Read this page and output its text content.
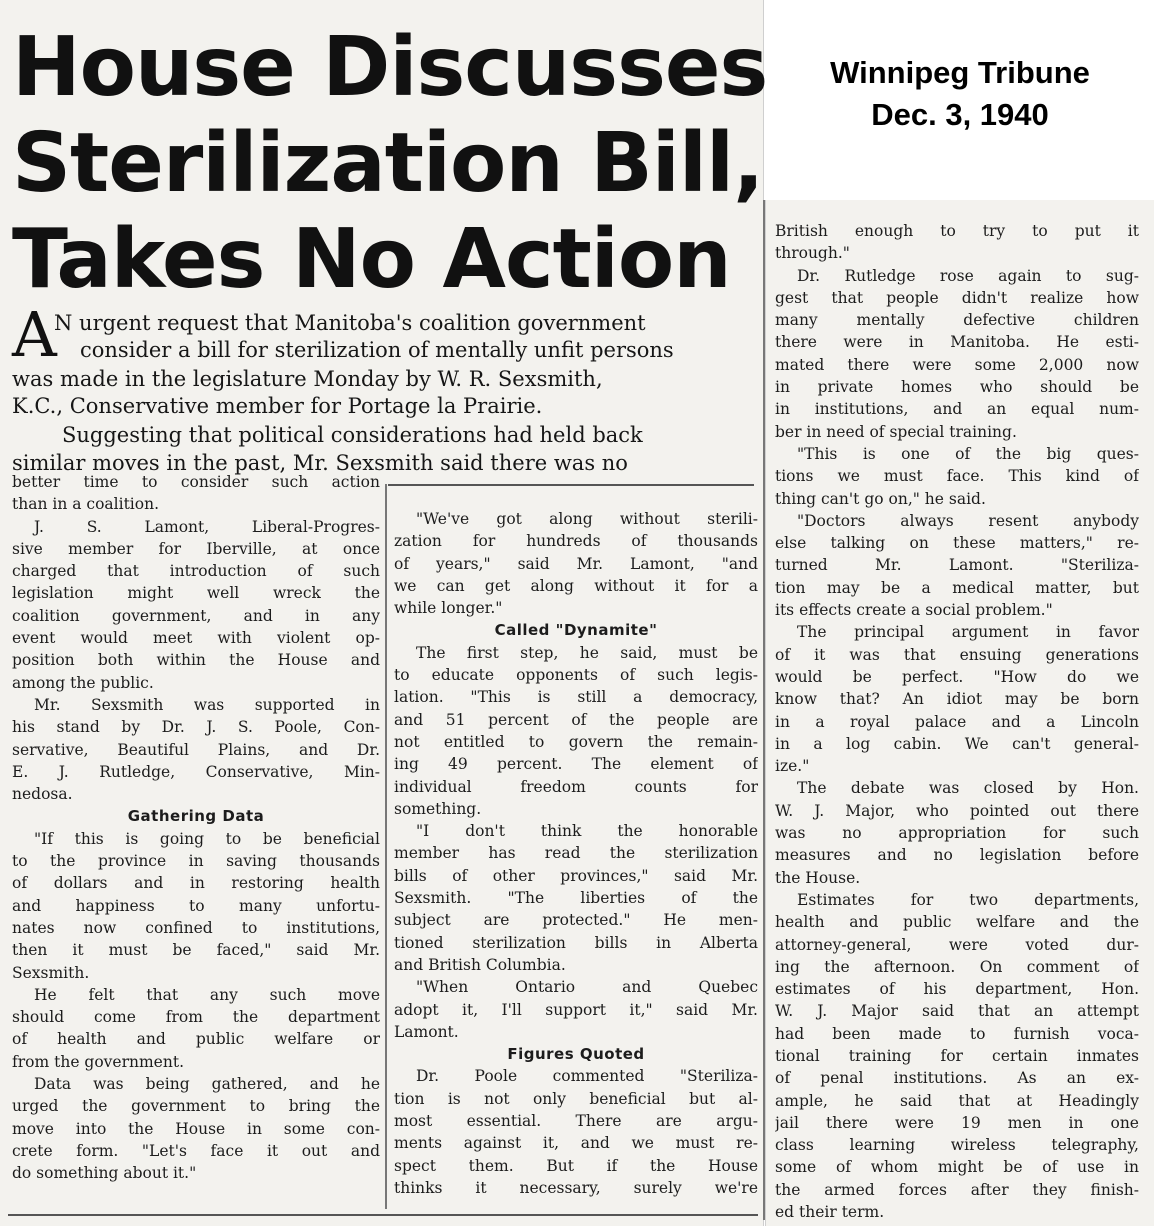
Winnipeg Tribune
Dec. 3, 1940
House Discusses
Sterilization Bill,
Takes No Action
A
N urgent request that Manitoba's coalition government
consider a bill for sterilization of mentally unfit persons
was made in the legislature Monday by W. R. Sexsmith,
K.C., Conservative member for Portage la Prairie.
Suggesting that political considerations had held back
similar moves in the past, Mr. Sexsmith said there was no
better time to consider such action
than in a coalition.
J. S. Lamont, Liberal-Progres-
sive member for Iberville, at once
charged that introduction of such
legislation might well wreck the
coalition government, and in any
event would meet with violent op-
position both within the House and
among the public.
Mr. Sexsmith was supported in
his stand by Dr. J. S. Poole, Con-
servative, Beautiful Plains, and Dr.
E. J. Rutledge, Conservative, Min-
nedosa.
Gathering Data
"If this is going to be beneficial
to the province in saving thousands
of dollars and in restoring health
and happiness to many unfortu-
nates now confined to institutions,
then it must be faced," said Mr.
Sexsmith.
He felt that any such move
should come from the department
of health and public welfare or
from the government.
Data was being gathered, and he
urged the government to bring the
move into the House in some con-
crete form. "Let's face it out and
do something about it."
"We've got along without sterili-
zation for hundreds of thousands
of years," said Mr. Lamont, "and
we can get along without it for a
while longer."
Called "Dynamite"
The first step, he said, must be
to educate opponents of such legis-
lation. "This is still a democracy,
and 51 percent of the people are
not entitled to govern the remain-
ing 49 percent. The element of
individual freedom counts for
something.
"I don't think the honorable
member has read the sterilization
bills of other provinces," said Mr.
Sexsmith. "The liberties of the
subject are protected." He men-
tioned sterilization bills in Alberta
and British Columbia.
"When Ontario and Quebec
adopt it, I'll support it," said Mr.
Lamont.
Figures Quoted
Dr. Poole commented "Steriliza-
tion is not only beneficial but al-
most essential. There are argu-
ments against it, and we must re-
spect them. But if the House
thinks it necessary, surely we're
British enough to try to put it
through."
Dr. Rutledge rose again to sug-
gest that people didn't realize how
many mentally defective children
there were in Manitoba. He esti-
mated there were some 2,000 now
in private homes who should be
in institutions, and an equal num-
ber in need of special training.
"This is one of the big ques-
tions we must face. This kind of
thing can't go on," he said.
"Doctors always resent anybody
else talking on these matters," re-
turned Mr. Lamont. "Steriliza-
tion may be a medical matter, but
its effects create a social problem."
The principal argument in favor
of it was that ensuing generations
would be perfect. "How do we
know that? An idiot may be born
in a royal palace and a Lincoln
in a log cabin. We can't general-
ize."
The debate was closed by Hon.
W. J. Major, who pointed out there
was no appropriation for such
measures and no legislation before
the House.
Estimates for two departments,
health and public welfare and the
attorney-general, were voted dur-
ing the afternoon. On comment of
estimates of his department, Hon.
W. J. Major said that an attempt
had been made to furnish voca-
tional training for certain inmates
of penal institutions. As an ex-
ample, he said that at Headingly
jail there were 19 men in one
class learning wireless telegraphy,
some of whom might be of use in
the armed forces after they finish-
ed their term.
